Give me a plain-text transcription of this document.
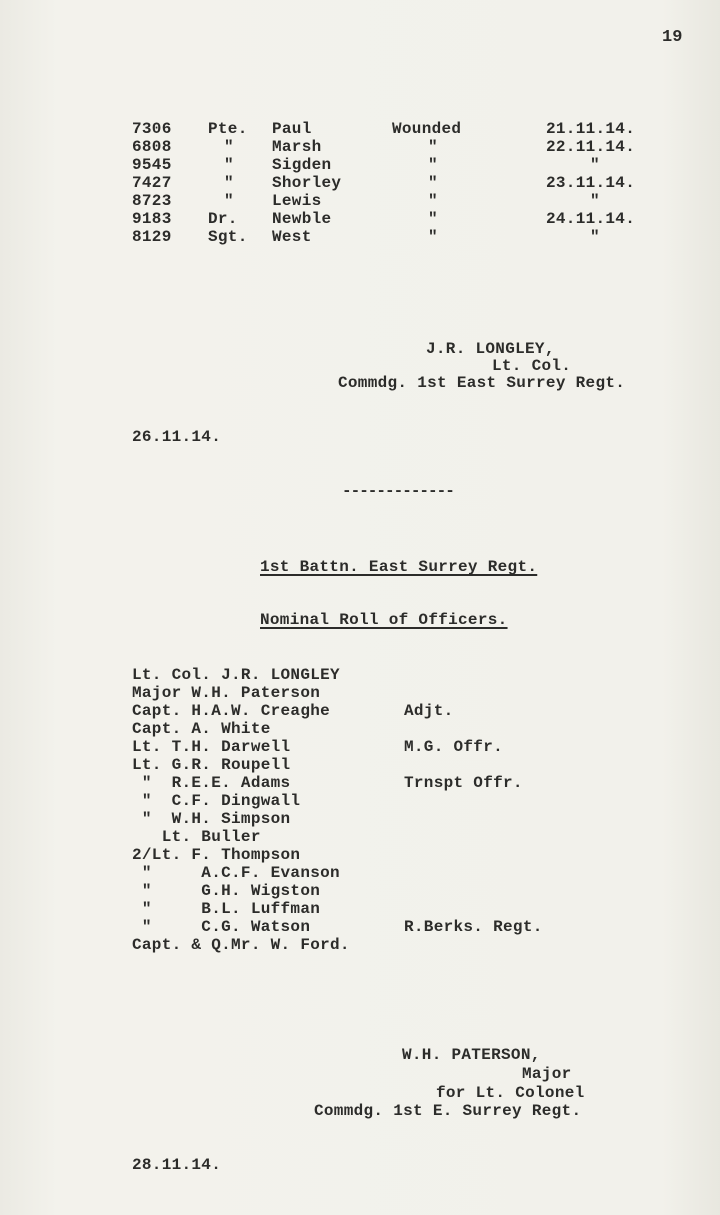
19
7306 Pte. Paul	Wounded	21.11.14.
6808	"	Marsh	"	22.11.14.
9545	"	Sigden	"	"
7427	"	Shorley	"	23.11.14.
8723	"	Lewis	"	"
9183 Dr. Newble	"	24.11.14.
8129 Sgt. West	"	"
J.R. LONGLEY,
Lt. Col.
Commdg. 1st East Surrey Regt.
26.11.14.
-------------
1st Battn. East Surrey Regt.
Nominal Roll of Officers.
Lt. Col. J.R. LONGLEY
Major W.H. Paterson
Capt. H.A.W. Creaghe	Adjt.
Capt. A. White
Lt. T.H. Darwell	M.G. Offr.
Lt. G.R. Roupell
"  R.E.E. Adams	Trnspt Offr.
"  C.F. Dingwall
"  W.H. Simpson
Lt. Buller
2/Lt. F. Thompson
"     A.C.F. Evanson
"     G.H. Wigston
"     B.L. Luffman
"     C.G. Watson	R.Berks. Regt.
Capt. & Q.Mr. W. Ford.
W.H. PATERSON,
Major
for Lt. Colonel
Commdg. 1st E. Surrey Regt.
28.11.14.
